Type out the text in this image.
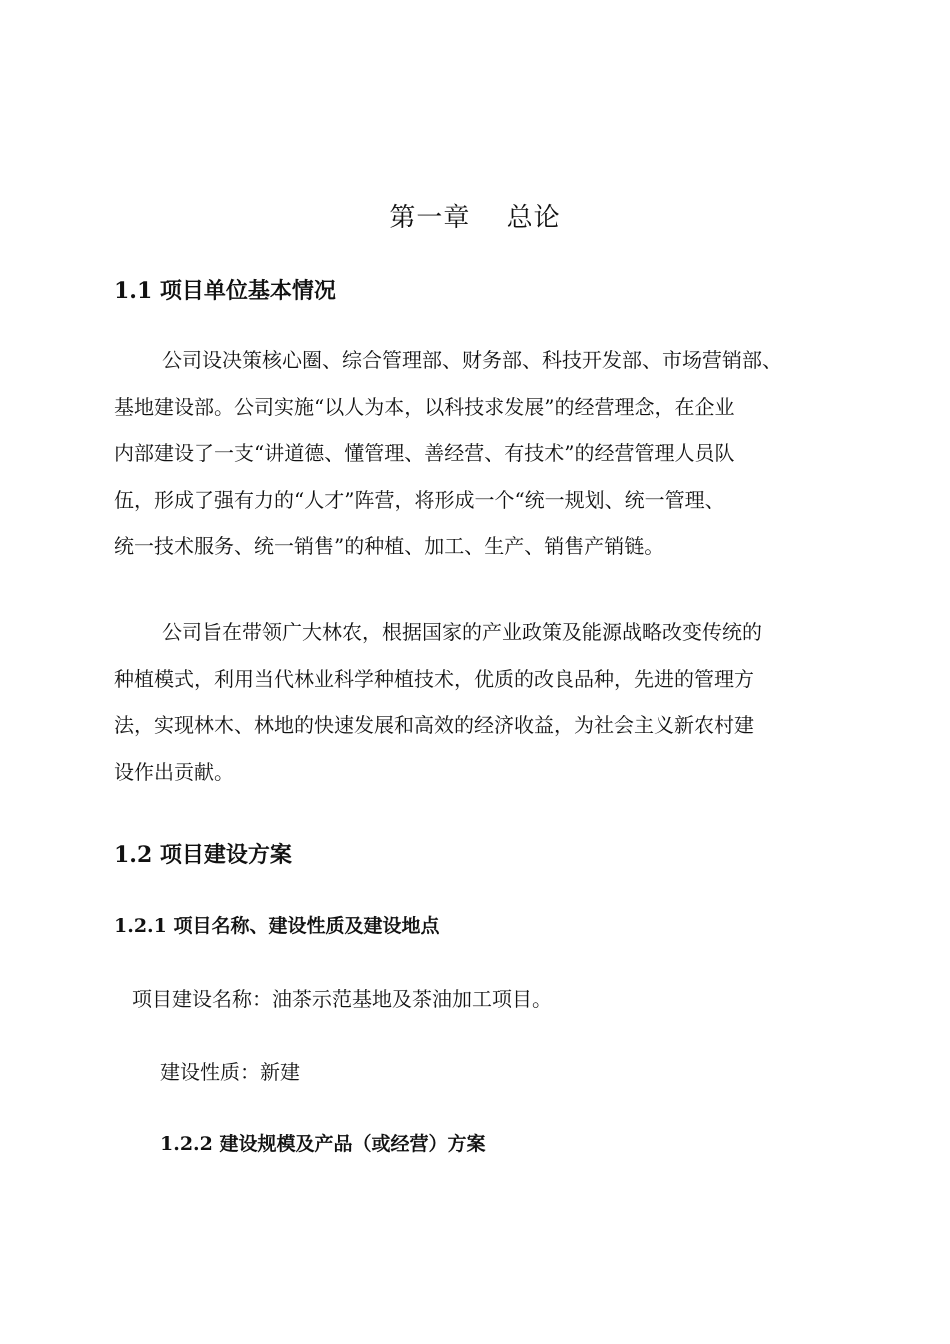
第一章　 总论
1.1 项目单位基本情况
公司设决策核心圈、综合管理部、财务部、科技开发部、市场营销部、
基地建设部。公司实施“以人为本，以科技求发展”的经营理念，在企业
内部建设了一支“讲道德、懂管理、善经营、有技术”的经营管理人员队
伍，形成了强有力的“人才”阵营，将形成一个“统一规划、统一管理、
统一技术服务、统一销售”的种植、加工、生产、销售产销链。
公司旨在带领广大林农，根据国家的产业政策及能源战略改变传统的
种植模式，利用当代林业科学种植技术，优质的改良品种，先进的管理方
法，实现林木、林地的快速发展和高效的经济收益，为社会主义新农村建
设作出贡献。
1.2 项目建设方案
1.2.1 项目名称、建设性质及建设地点
项目建设名称：油茶示范基地及茶油加工项目。
建设性质：新建
1.2.2 建设规模及产品（或经营）方案
